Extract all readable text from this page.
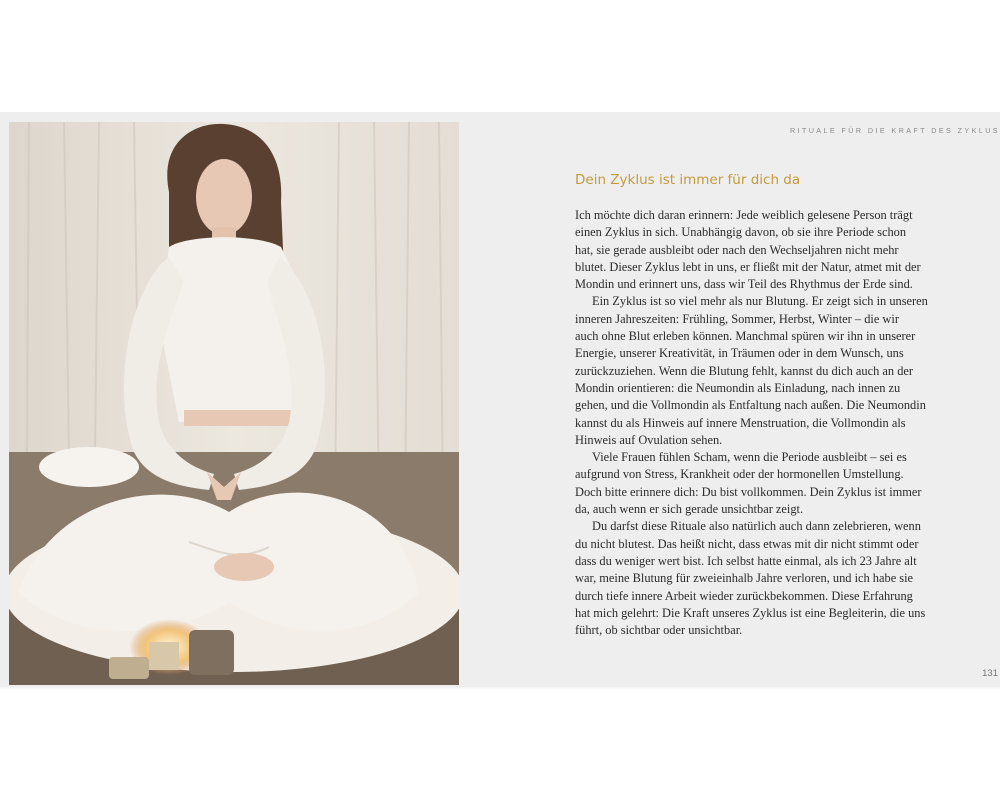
RITUALE FÜR DIE KRAFT DES ZYKLUS
Dein Zyklus ist immer für dich da
Ich möchte dich daran erinnern: Jede weiblich gelesene Person trägt
einen Zyklus in sich. Unabhängig davon, ob sie ihre Periode schon
hat, sie gerade ausbleibt oder nach den Wechseljahren nicht mehr
blutet. Dieser Zyklus lebt in uns, er fließt mit der Natur, atmet mit der
Mondin und erinnert uns, dass wir Teil des Rhythmus der Erde sind.
Ein Zyklus ist so viel mehr als nur Blutung. Er zeigt sich in unseren
inneren Jahreszeiten: Frühling, Sommer, Herbst, Winter – die wir
auch ohne Blut erleben können. Manchmal spüren wir ihn in unserer
Energie, unserer Kreativität, in Träumen oder in dem Wunsch, uns
zurückzuziehen. Wenn die Blutung fehlt, kannst du dich auch an der
Mondin orientieren: die Neumondin als Einladung, nach innen zu
gehen, und die Vollmondin als Entfaltung nach außen. Die Neumondin
kannst du als Hinweis auf innere Menstruation, die Vollmondin als
Hinweis auf Ovulation sehen.
Viele Frauen fühlen Scham, wenn die Periode ausbleibt – sei es
aufgrund von Stress, Krankheit oder der hormonellen Umstellung.
Doch bitte erinnere dich: Du bist vollkommen. Dein Zyklus ist immer
da, auch wenn er sich gerade unsichtbar zeigt.
Du darfst diese Rituale also natürlich auch dann zelebrieren, wenn
du nicht blutest. Das heißt nicht, dass etwas mit dir nicht stimmt oder
dass du weniger wert bist. Ich selbst hatte einmal, als ich 23 Jahre alt
war, meine Blutung für zweieinhalb Jahre verloren, und ich habe sie
durch tiefe innere Arbeit wieder zurückbekommen. Diese Erfahrung
hat mich gelehrt: Die Kraft unseres Zyklus ist eine Begleiterin, die uns
führt, ob sichtbar oder unsichtbar.
131
